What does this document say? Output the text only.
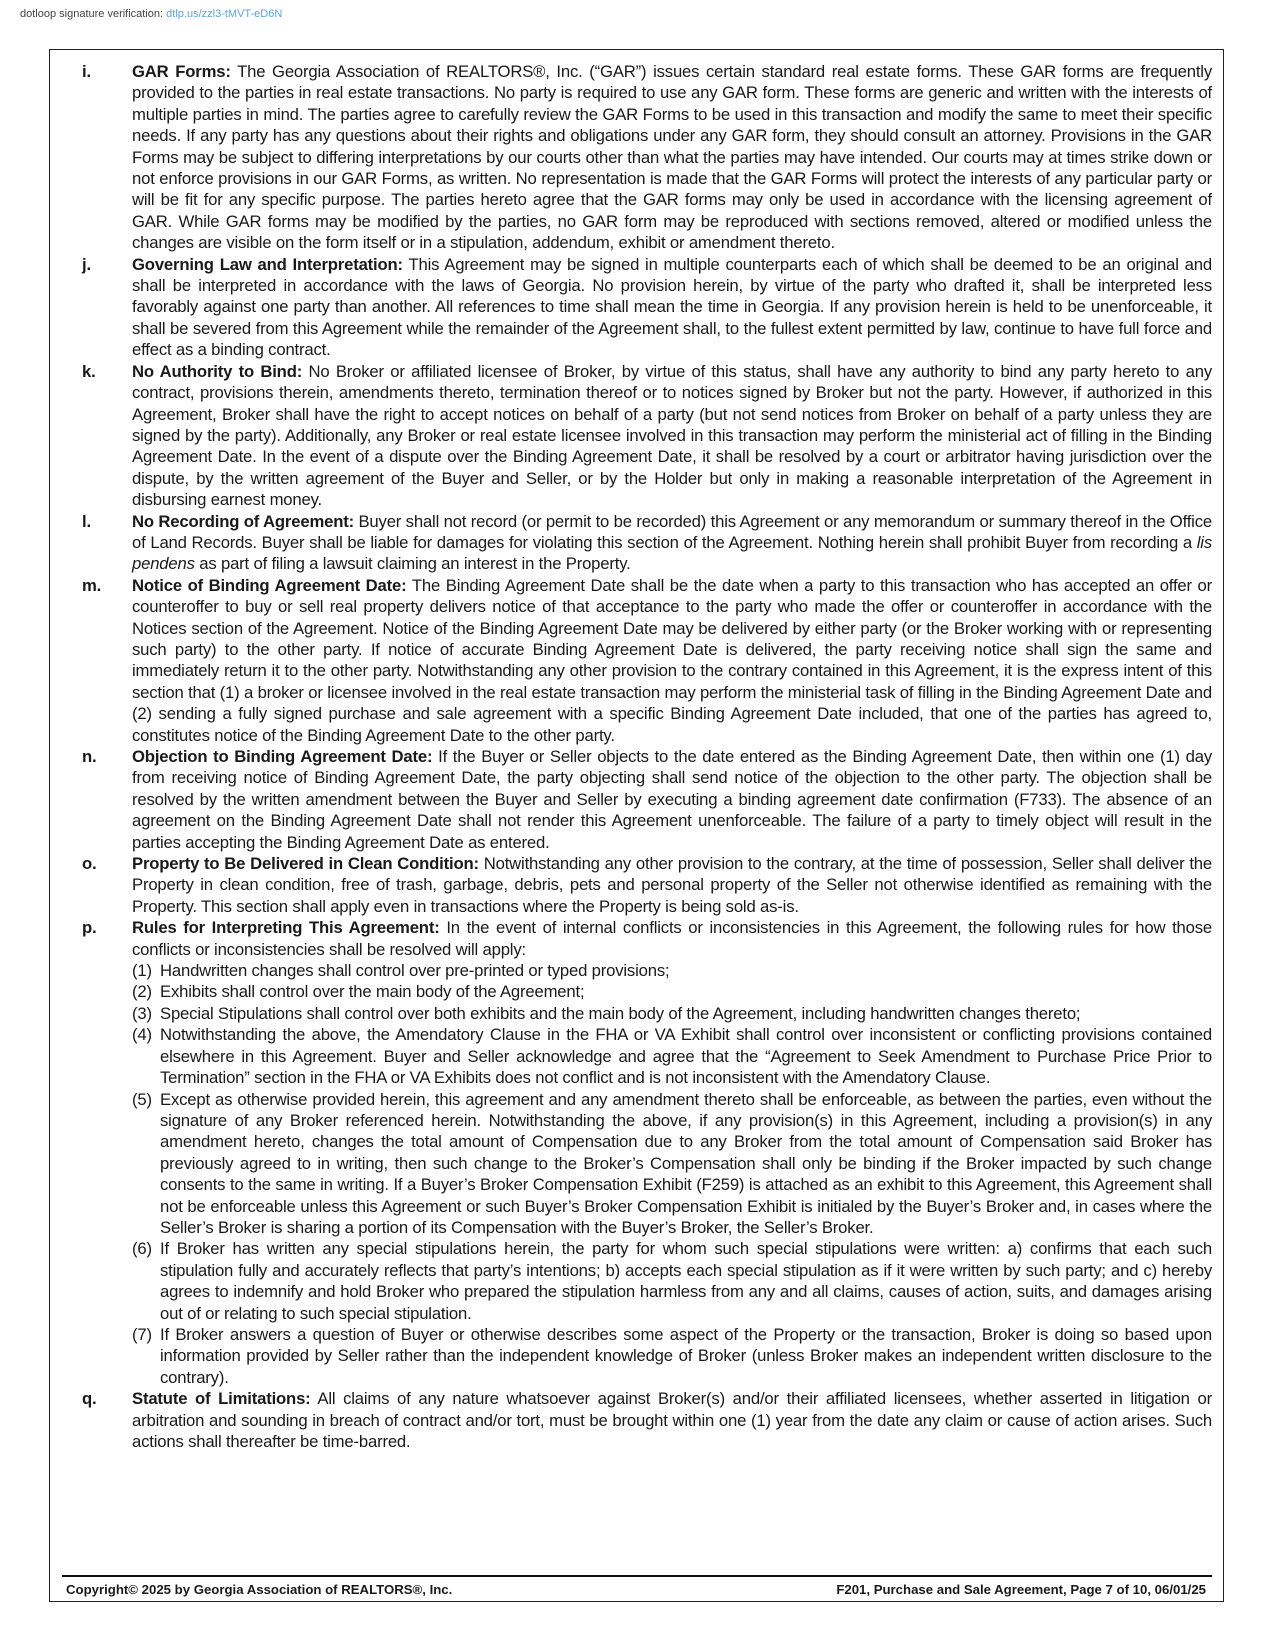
dotloop signature verification: dtlp.us/zzl3-tMVT-eD6N
i.	GAR Forms: The Georgia Association of REALTORS®, Inc. (“GAR”) issues certain standard real estate forms. These GAR forms are frequently provided to the parties in real estate transactions. No party is required to use any GAR form. These forms are generic and written with the interests of multiple parties in mind. The parties agree to carefully review the GAR Forms to be used in this transaction and modify the same to meet their specific needs. If any party has any questions about their rights and obligations under any GAR form, they should consult an attorney. Provisions in the GAR Forms may be subject to differing interpretations by our courts other than what the parties may have intended. Our courts may at times strike down or not enforce provisions in our GAR Forms, as written. No representation is made that the GAR Forms will protect the interests of any particular party or will be fit for any specific purpose. The parties hereto agree that the GAR forms may only be used in accordance with the licensing agreement of GAR. While GAR forms may be modified by the parties, no GAR form may be reproduced with sections removed, altered or modified unless the changes are visible on the form itself or in a stipulation, addendum, exhibit or amendment thereto.
j.	Governing Law and Interpretation: This Agreement may be signed in multiple counterparts each of which shall be deemed to be an original and shall be interpreted in accordance with the laws of Georgia. No provision herein, by virtue of the party who drafted it, shall be interpreted less favorably against one party than another. All references to time shall mean the time in Georgia. If any provision herein is held to be unenforceable, it shall be severed from this Agreement while the remainder of the Agreement shall, to the fullest extent permitted by law, continue to have full force and effect as a binding contract.
k.	No Authority to Bind: No Broker or affiliated licensee of Broker, by virtue of this status, shall have any authority to bind any party hereto to any contract, provisions therein, amendments thereto, termination thereof or to notices signed by Broker but not the party. However, if authorized in this Agreement, Broker shall have the right to accept notices on behalf of a party (but not send notices from Broker on behalf of a party unless they are signed by the party). Additionally, any Broker or real estate licensee involved in this transaction may perform the ministerial act of filling in the Binding Agreement Date. In the event of a dispute over the Binding Agreement Date, it shall be resolved by a court or arbitrator having jurisdiction over the dispute, by the written agreement of the Buyer and Seller, or by the Holder but only in making a reasonable interpretation of the Agreement in disbursing earnest money.
l.	No Recording of Agreement: Buyer shall not record (or permit to be recorded) this Agreement or any memorandum or summary thereof in the Office of Land Records. Buyer shall be liable for damages for violating this section of the Agreement. Nothing herein shall prohibit Buyer from recording a lis pendens as part of filing a lawsuit claiming an interest in the Property.
m.	Notice of Binding Agreement Date: The Binding Agreement Date shall be the date when a party to this transaction who has accepted an offer or counteroffer to buy or sell real property delivers notice of that acceptance to the party who made the offer or counteroffer in accordance with the Notices section of the Agreement. Notice of the Binding Agreement Date may be delivered by either party (or the Broker working with or representing such party) to the other party. If notice of accurate Binding Agreement Date is delivered, the party receiving notice shall sign the same and immediately return it to the other party. Notwithstanding any other provision to the contrary contained in this Agreement, it is the express intent of this section that (1) a broker or licensee involved in the real estate transaction may perform the ministerial task of filling in the Binding Agreement Date and (2) sending a fully signed purchase and sale agreement with a specific Binding Agreement Date included, that one of the parties has agreed to, constitutes notice of the Binding Agreement Date to the other party.
n.	Objection to Binding Agreement Date: If the Buyer or Seller objects to the date entered as the Binding Agreement Date, then within one (1) day from receiving notice of Binding Agreement Date, the party objecting shall send notice of the objection to the other party. The objection shall be resolved by the written amendment between the Buyer and Seller by executing a binding agreement date confirmation (F733). The absence of an agreement on the Binding Agreement Date shall not render this Agreement unenforceable. The failure of a party to timely object will result in the parties accepting the Binding Agreement Date as entered.
o.	Property to Be Delivered in Clean Condition: Notwithstanding any other provision to the contrary, at the time of possession, Seller shall deliver the Property in clean condition, free of trash, garbage, debris, pets and personal property of the Seller not otherwise identified as remaining with the Property. This section shall apply even in transactions where the Property is being sold as-is.
p.	Rules for Interpreting This Agreement: In the event of internal conflicts or inconsistencies in this Agreement, the following rules for how those conflicts or inconsistencies shall be resolved will apply:
(1) Handwritten changes shall control over pre-printed or typed provisions;
(2) Exhibits shall control over the main body of the Agreement;
(3) Special Stipulations shall control over both exhibits and the main body of the Agreement, including handwritten changes thereto;
(4) Notwithstanding the above, the Amendatory Clause in the FHA or VA Exhibit shall control over inconsistent or conflicting provisions contained elsewhere in this Agreement. Buyer and Seller acknowledge and agree that the “Agreement to Seek Amendment to Purchase Price Prior to Termination” section in the FHA or VA Exhibits does not conflict and is not inconsistent with the Amendatory Clause.
(5) Except as otherwise provided herein, this agreement and any amendment thereto shall be enforceable, as between the parties, even without the signature of any Broker referenced herein. Notwithstanding the above, if any provision(s) in this Agreement, including a provision(s) in any amendment hereto, changes the total amount of Compensation due to any Broker from the total amount of Compensation said Broker has previously agreed to in writing, then such change to the Broker’s Compensation shall only be binding if the Broker impacted by such change consents to the same in writing. If a Buyer’s Broker Compensation Exhibit (F259) is attached as an exhibit to this Agreement, this Agreement shall not be enforceable unless this Agreement or such Buyer’s Broker Compensation Exhibit is initialed by the Buyer’s Broker and, in cases where the Seller’s Broker is sharing a portion of its Compensation with the Buyer’s Broker, the Seller’s Broker.
(6) If Broker has written any special stipulations herein, the party for whom such special stipulations were written: a) confirms that each such stipulation fully and accurately reflects that party’s intentions; b) accepts each special stipulation as if it were written by such party; and c) hereby agrees to indemnify and hold Broker who prepared the stipulation harmless from any and all claims, causes of action, suits, and damages arising out of or relating to such special stipulation.
(7) If Broker answers a question of Buyer or otherwise describes some aspect of the Property or the transaction, Broker is doing so based upon information provided by Seller rather than the independent knowledge of Broker (unless Broker makes an independent written disclosure to the contrary).
q.	Statute of Limitations: All claims of any nature whatsoever against Broker(s) and/or their affiliated licensees, whether asserted in litigation or arbitration and sounding in breach of contract and/or tort, must be brought within one (1) year from the date any claim or cause of action arises. Such actions shall thereafter be time-barred.
Copyright© 2025 by Georgia Association of REALTORS®, Inc.	F201, Purchase and Sale Agreement, Page 7 of 10, 06/01/25
